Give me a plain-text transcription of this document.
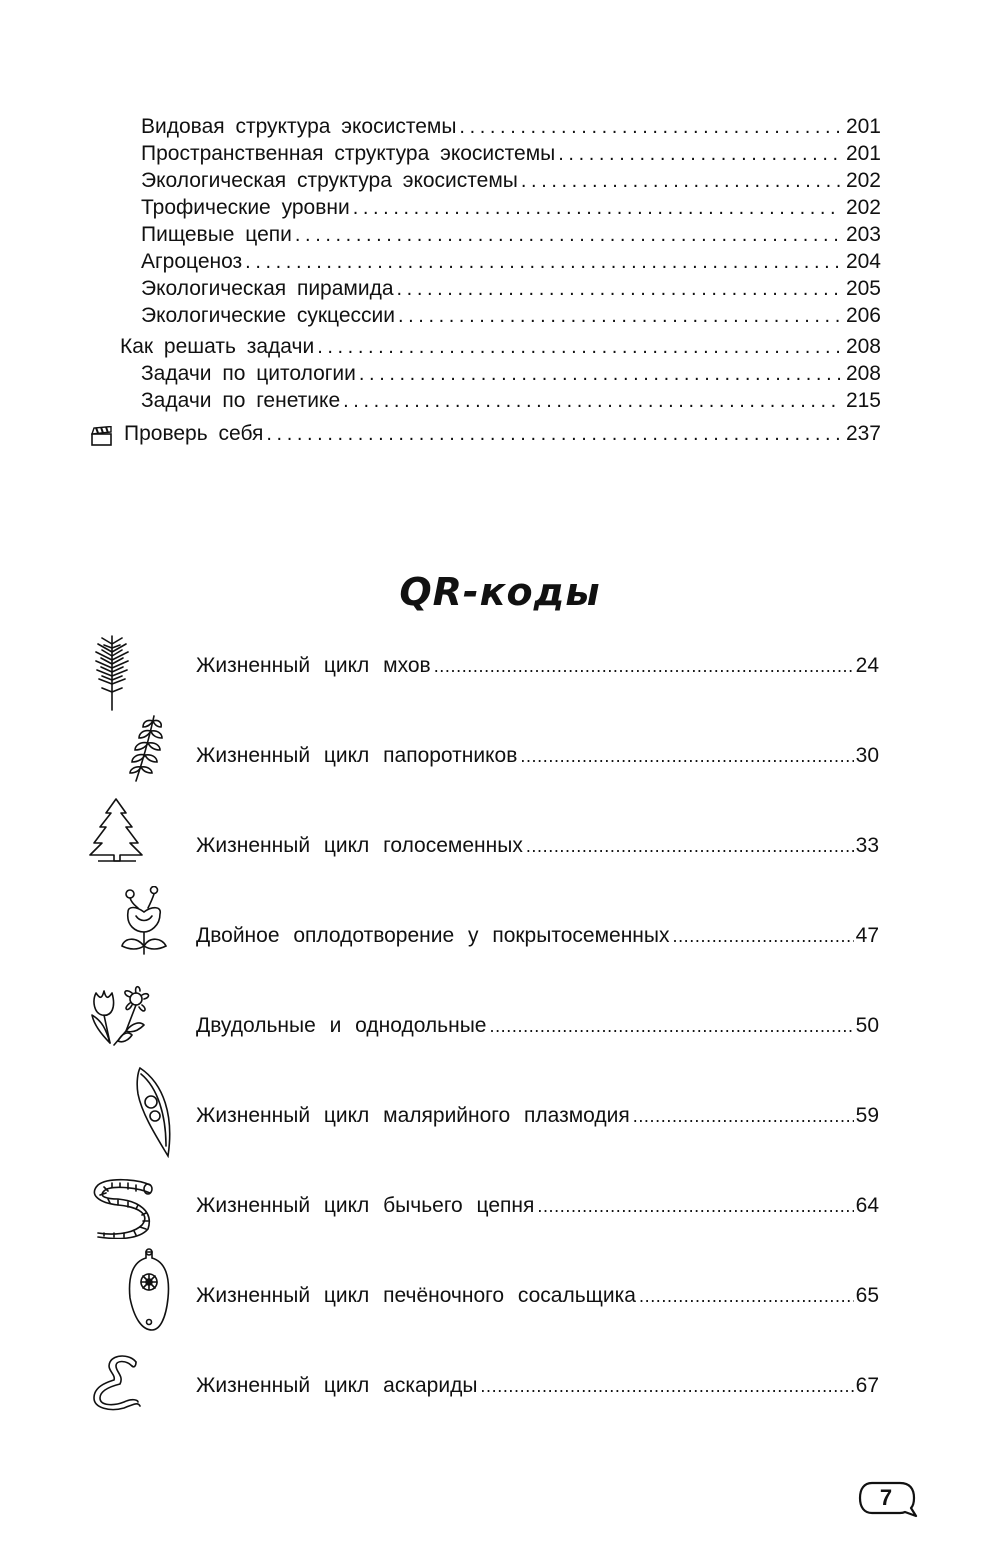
Видовая структура экосистемы .....	201
Пространственная структура экосистемы .....	201
Экологическая структура экосистемы .....	202
Трофические уровни .....	202
Пищевые цепи .....	203
Агроценоз .....	204
Экологическая пирамида .....	205
Экологические сукцессии .....	206
Как решать задачи .....	208
Задачи по цитологии .....	208
Задачи по генетике .....	215
Проверь себя .....	237
QR-коды
Жизненный цикл мхов .....	24
Жизненный цикл папоротников .....	30
Жизненный цикл голосеменных .....	33
Двойное оплодотворение у покрытосеменных .....	47
Двудольные и однодольные .....	50
Жизненный цикл малярийного плазмодия .....	59
Жизненный цикл бычьего цепня .....	64
Жизненный цикл печёночного сосальщика .....	65
Жизненный цикл аскариды .....	67
7
